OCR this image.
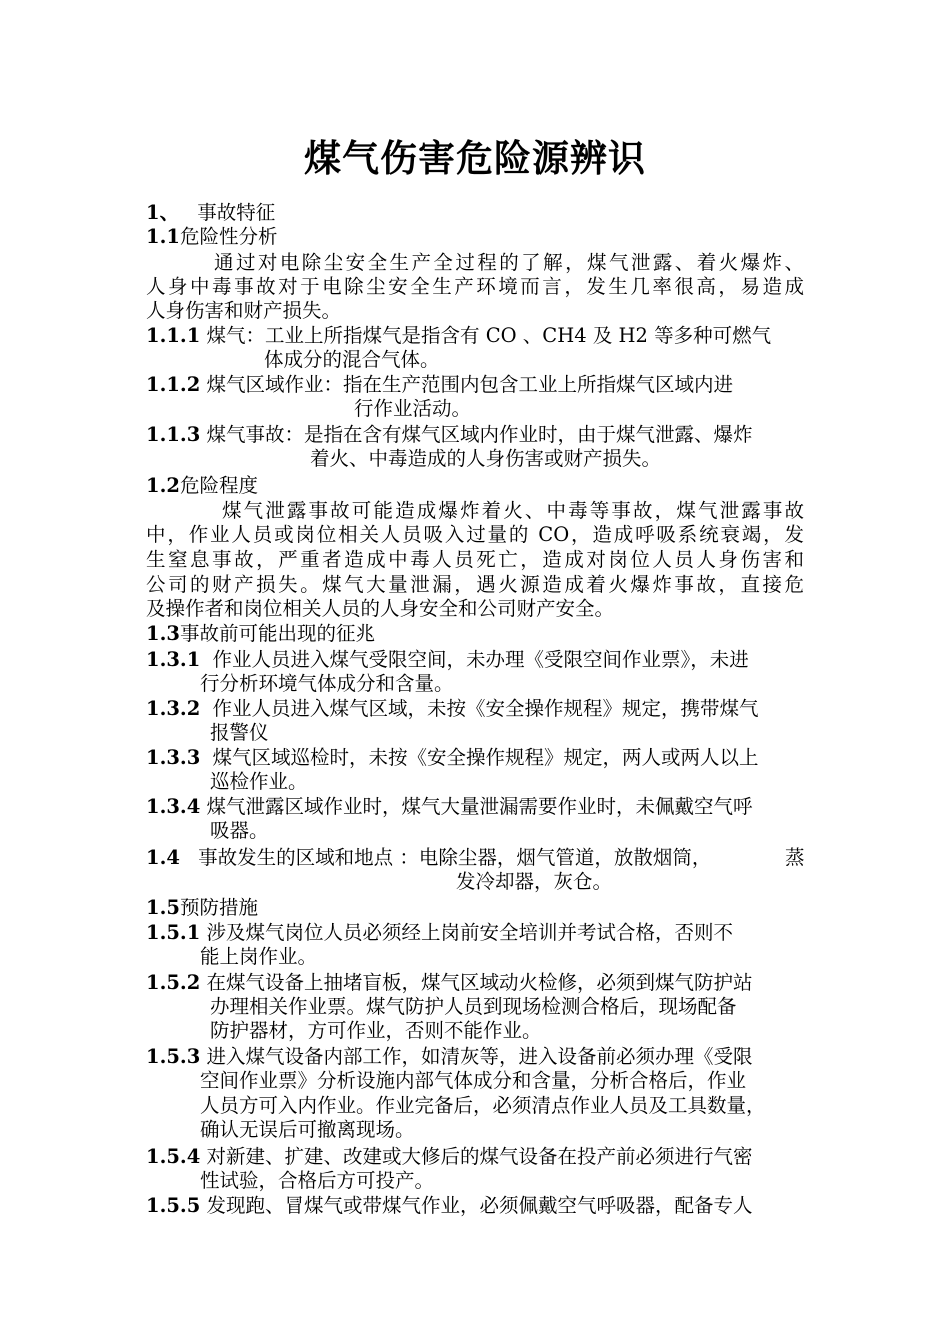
煤气伤害危险源辨识
1、 事故特征
1.1危险性分析
通过对电除尘安全生产全过程的了解，煤气泄露、着火爆炸、
人身中毒事故对于电除尘安全生产环境而言，发生几率很高，易造成
人身伤害和财产损失。
1.1.1 煤气：工业上所指煤气是指含有 CO 、CH4 及 H2 等多种可燃气
体成分的混合气体。
1.1.2 煤气区域作业：指在生产范围内包含工业上所指煤气区域内进
行作业活动。
1.1.3 煤气事故：是指在含有煤气区域内作业时，由于煤气泄露、爆炸
着火、中毒造成的人身伤害或财产损失。
1.2危险程度
煤气泄露事故可能造成爆炸着火、中毒等事故，煤气泄露事故
中，作业人员或岗位相关人员吸入过量的 CO，造成呼吸系统衰竭，发
生窒息事故，严重者造成中毒人员死亡，造成对岗位人员人身伤害和
公司的财产损失。煤气大量泄漏，遇火源造成着火爆炸事故，直接危
及操作者和岗位相关人员的人身安全和公司财产安全。
1.3事故前可能出现的征兆
1.3.1 作业人员进入煤气受限空间，未办理《受限空间作业票》，未进
行分析环境气体成分和含量。
1.3.2 作业人员进入煤气区域，未按《安全操作规程》规定，携带煤气
报警仪
1.3.3 煤气区域巡检时，未按《安全操作规程》规定，两人或两人以上
巡检作业。
1.3.4 煤气泄露区域作业时，煤气大量泄漏需要作业时，未佩戴空气呼
吸器。
1.4 事故发生的区域和地点 ：电除尘器，烟气管道，放散烟筒，	蒸
发冷却器，灰仓。
1.5预防措施
1.5.1 涉及煤气岗位人员必须经上岗前安全培训并考试合格，否则不
能上岗作业。
1.5.2 在煤气设备上抽堵盲板，煤气区域动火检修，必须到煤气防护站
办理相关作业票。煤气防护人员到现场检测合格后，现场配备
防护器材，方可作业，否则不能作业。
1.5.3 进入煤气设备内部工作，如清灰等，进入设备前必须办理《受限
空间作业票》分析设施内部气体成分和含量，分析合格后，作业
人员方可入内作业。作业完备后，必须清点作业人员及工具数量，
确认无误后可撤离现场。
1.5.4 对新建、扩建、改建或大修后的煤气设备在投产前必须进行气密
性试验，合格后方可投产。
1.5.5 发现跑、冒煤气或带煤气作业，必须佩戴空气呼吸器，配备专人
